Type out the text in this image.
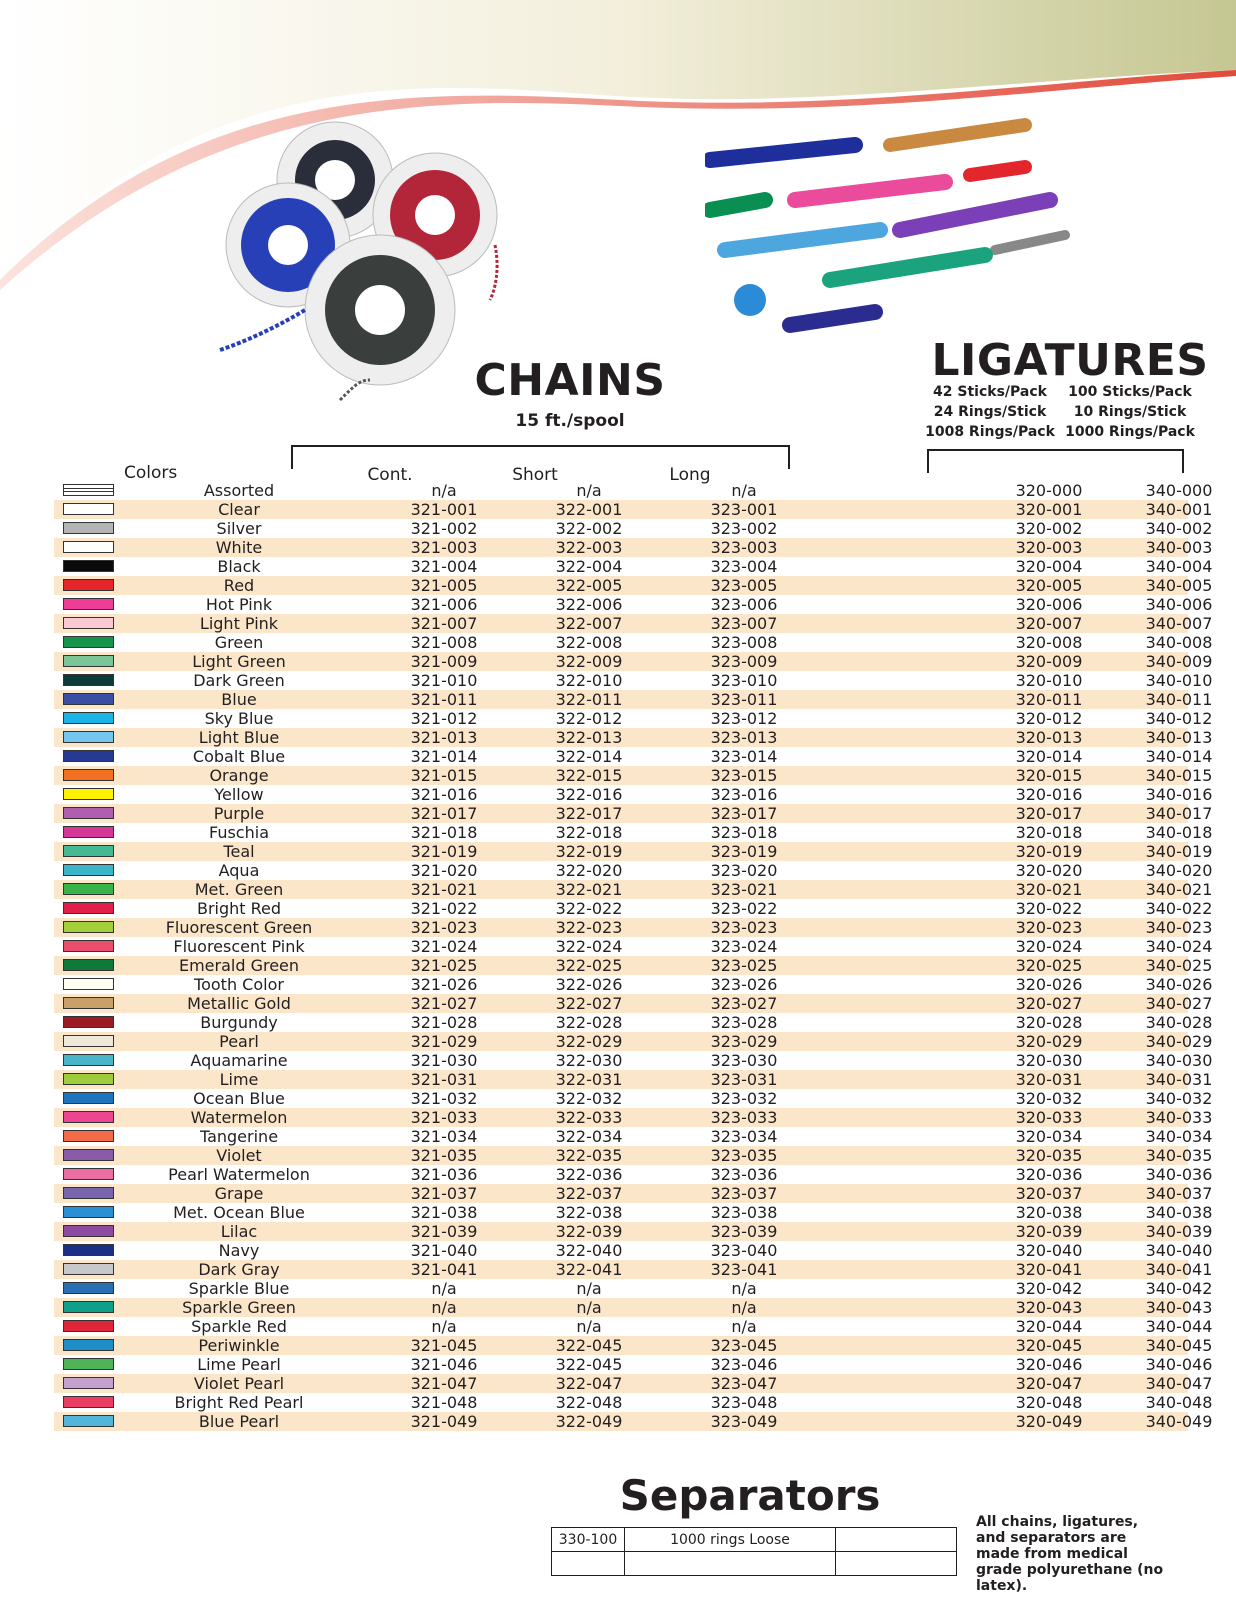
CHAINS
15 ft./spool
LIGATURES
42 Sticks/Pack
24 Rings/Stick
1008 Rings/Pack
100 Sticks/Pack
10 Rings/Stick
1000 Rings/Pack
Colors	Cont.	Short	Long
Assorted	n/a	n/a	n/a	320-000	340-000
Clear	321-001	322-001	323-001	320-001	340-001
Silver	321-002	322-002	323-002	320-002	340-002
White	321-003	322-003	323-003	320-003	340-003
Black	321-004	322-004	323-004	320-004	340-004
Red	321-005	322-005	323-005	320-005	340-005
Hot Pink	321-006	322-006	323-006	320-006	340-006
Light Pink	321-007	322-007	323-007	320-007	340-007
Green	321-008	322-008	323-008	320-008	340-008
Light Green	321-009	322-009	323-009	320-009	340-009
Dark Green	321-010	322-010	323-010	320-010	340-010
Blue	321-011	322-011	323-011	320-011	340-011
Sky Blue	321-012	322-012	323-012	320-012	340-012
Light Blue	321-013	322-013	323-013	320-013	340-013
Cobalt Blue	321-014	322-014	323-014	320-014	340-014
Orange	321-015	322-015	323-015	320-015	340-015
Yellow	321-016	322-016	323-016	320-016	340-016
Purple	321-017	322-017	323-017	320-017	340-017
Fuschia	321-018	322-018	323-018	320-018	340-018
Teal	321-019	322-019	323-019	320-019	340-019
Aqua	321-020	322-020	323-020	320-020	340-020
Met. Green	321-021	322-021	323-021	320-021	340-021
Bright Red	321-022	322-022	323-022	320-022	340-022
Fluorescent Green	321-023	322-023	323-023	320-023	340-023
Fluorescent Pink	321-024	322-024	323-024	320-024	340-024
Emerald Green	321-025	322-025	323-025	320-025	340-025
Tooth Color	321-026	322-026	323-026	320-026	340-026
Metallic Gold	321-027	322-027	323-027	320-027	340-027
Burgundy	321-028	322-028	323-028	320-028	340-028
Pearl	321-029	322-029	323-029	320-029	340-029
Aquamarine	321-030	322-030	323-030	320-030	340-030
Lime	321-031	322-031	323-031	320-031	340-031
Ocean Blue	321-032	322-032	323-032	320-032	340-032
Watermelon	321-033	322-033	323-033	320-033	340-033
Tangerine	321-034	322-034	323-034	320-034	340-034
Violet	321-035	322-035	323-035	320-035	340-035
Pearl Watermelon	321-036	322-036	323-036	320-036	340-036
Grape	321-037	322-037	323-037	320-037	340-037
Met. Ocean Blue	321-038	322-038	323-038	320-038	340-038
Lilac	321-039	322-039	323-039	320-039	340-039
Navy	321-040	322-040	323-040	320-040	340-040
Dark Gray	321-041	322-041	323-041	320-041	340-041
Sparkle Blue	n/a	n/a	n/a	320-042	340-042
Sparkle Green	n/a	n/a	n/a	320-043	340-043
Sparkle Red	n/a	n/a	n/a	320-044	340-044
Periwinkle	321-045	322-045	323-045	320-045	340-045
Lime Pearl	321-046	322-045	323-046	320-046	340-046
Violet Pearl	321-047	322-047	323-047	320-047	340-047
Bright Red Pearl	321-048	322-048	323-048	320-048	340-048
Blue Pearl	321-049	322-049	323-049	320-049	340-049
Separators
330-100	1000 rings Loose	

All chains, ligatures, and separators are made from medical grade polyurethane (no latex).
